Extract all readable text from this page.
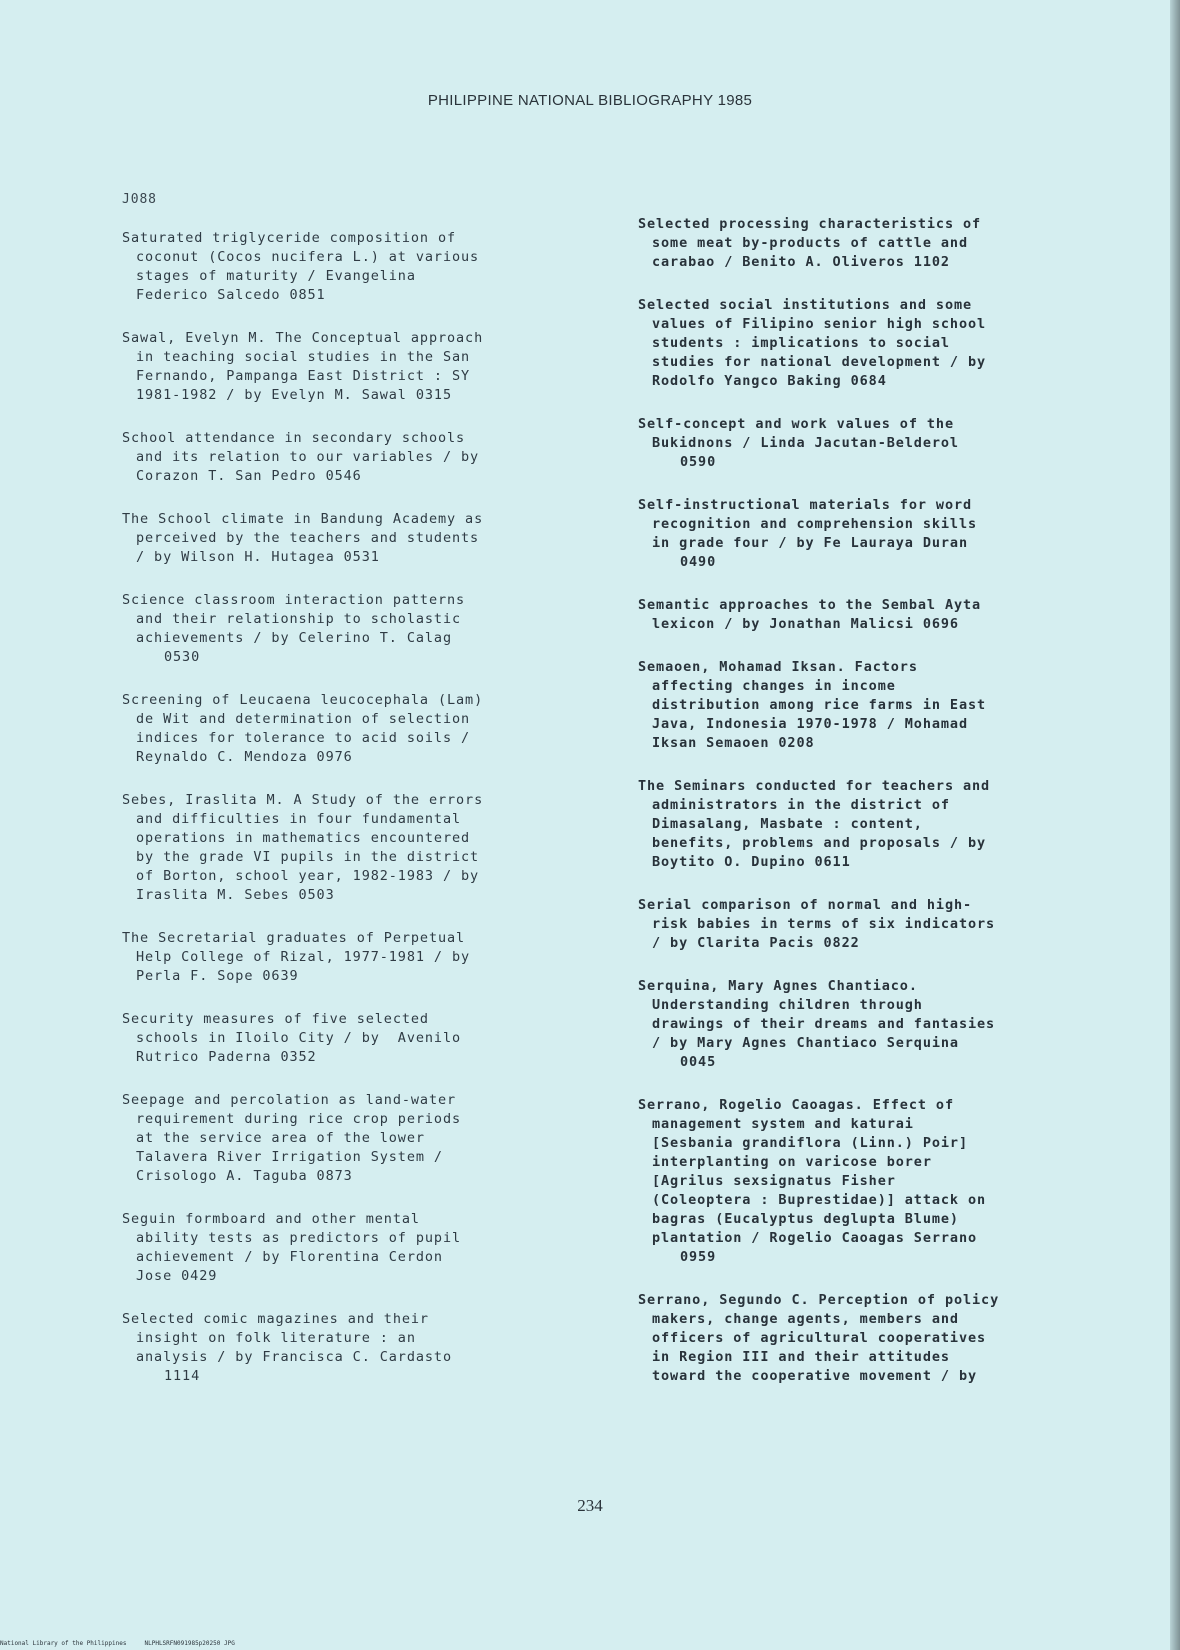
PHILIPPINE NATIONAL BIBLIOGRAPHY 1985
J088
Saturated triglyceride composition of
coconut (Cocos nucifera L.) at various
stages of maturity / Evangelina
Federico Salcedo 0851
Sawal, Evelyn M. The Conceptual approach
in teaching social studies in the San
Fernando, Pampanga East District : SY
1981-1982 / by Evelyn M. Sawal 0315
School attendance in secondary schools
and its relation to our variables / by
Corazon T. San Pedro 0546
The School climate in Bandung Academy as
perceived by the teachers and students
/ by Wilson H. Hutagea 0531
Science classroom interaction patterns
and their relationship to scholastic
achievements / by Celerino T. Calag
0530
Screening of Leucaena leucocephala (Lam)
de Wit and determination of selection
indices for tolerance to acid soils /
Reynaldo C. Mendoza 0976
Sebes, Iraslita M. A Study of the errors
and difficulties in four fundamental
operations in mathematics encountered
by the grade VI pupils in the district
of Borton, school year, 1982-1983 / by
Iraslita M. Sebes 0503
The Secretarial graduates of Perpetual
Help College of Rizal, 1977-1981 / by
Perla F. Sope 0639
Security measures of five selected
schools in Iloilo City / by  Avenilo
Rutrico Paderna 0352
Seepage and percolation as land-water
requirement during rice crop periods
at the service area of the lower
Talavera River Irrigation System /
Crisologo A. Taguba 0873
Seguin formboard and other mental
ability tests as predictors of pupil
achievement / by Florentina Cerdon
Jose 0429
Selected comic magazines and their
insight on folk literature : an
analysis / by Francisca C. Cardasto
1114
Selected processing characteristics of
some meat by-products of cattle and
carabao / Benito A. Oliveros 1102
Selected social institutions and some
values of Filipino senior high school
students : implications to social
studies for national development / by
Rodolfo Yangco Baking 0684
Self-concept and work values of the
Bukidnons / Linda Jacutan-Belderol
0590
Self-instructional materials for word
recognition and comprehension skills
in grade four / by Fe Lauraya Duran
0490
Semantic approaches to the Sembal Ayta
lexicon / by Jonathan Malicsi 0696
Semaoen, Mohamad Iksan. Factors
affecting changes in income
distribution among rice farms in East
Java, Indonesia 1970-1978 / Mohamad
Iksan Semaoen 0208
The Seminars conducted for teachers and
administrators in the district of
Dimasalang, Masbate : content,
benefits, problems and proposals / by
Boytito O. Dupino 0611
Serial comparison of normal and high-
risk babies in terms of six indicators
/ by Clarita Pacis 0822
Serquina, Mary Agnes Chantiaco.
Understanding children through
drawings of their dreams and fantasies
/ by Mary Agnes Chantiaco Serquina
0045
Serrano, Rogelio Caoagas. Effect of
management system and katurai
[Sesbania grandiflora (Linn.) Poir]
interplanting on varicose borer
[Agrilus sexsignatus Fisher
(Coleoptera : Buprestidae)] attack on
bagras (Eucalyptus deglupta Blume)
plantation / Rogelio Caoagas Serrano
0959
Serrano, Segundo C. Perception of policy
makers, change agents, members and
officers of agricultural cooperatives
in Region III and their attitudes
toward the cooperative movement / by
234
National Library of the Philippines     NLPHLSRFN091985p20250 JPG
